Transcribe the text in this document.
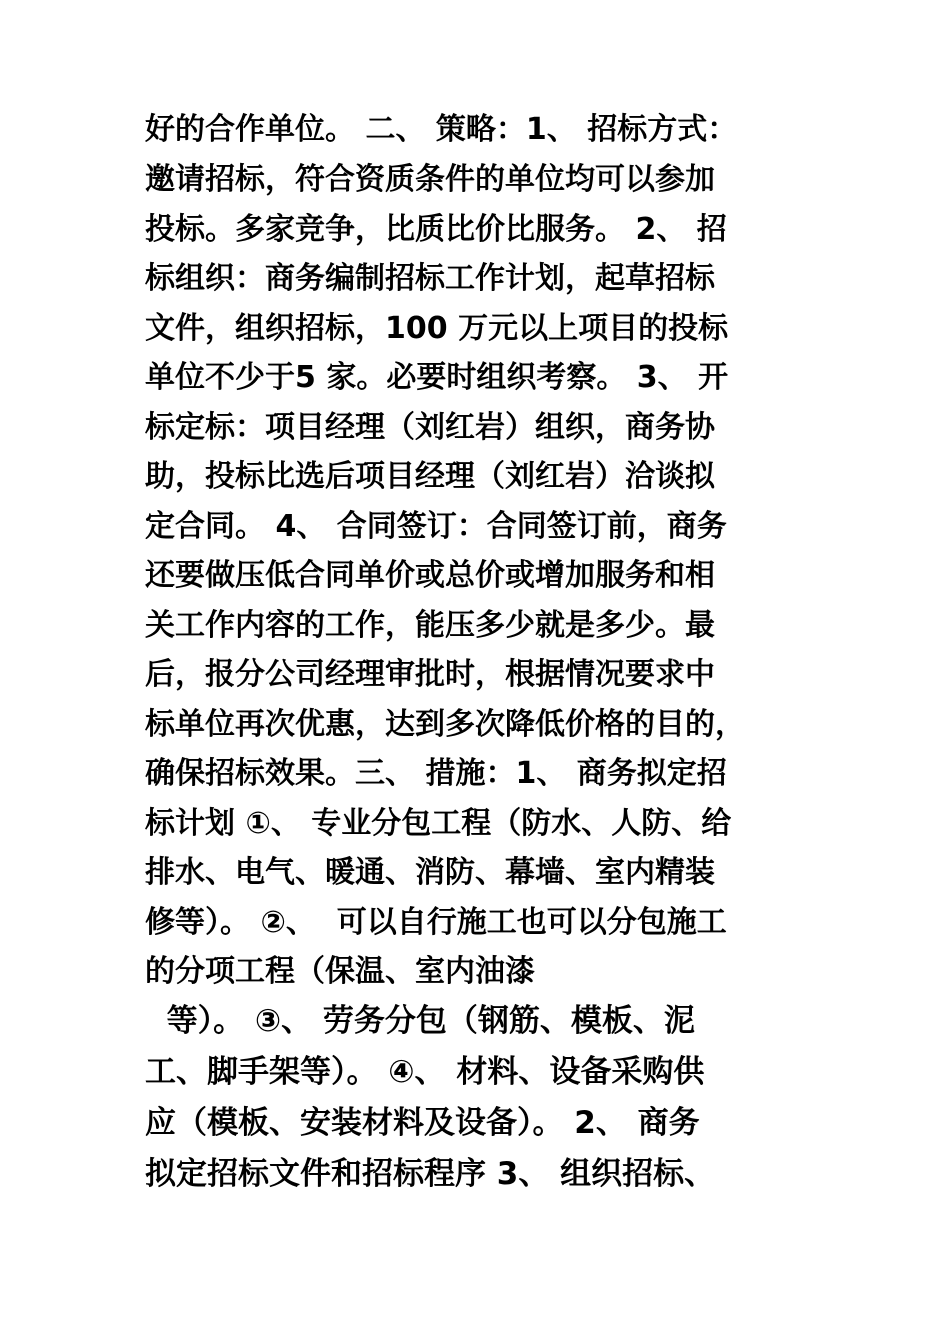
好的合作单位。 二、 策略：1、 招标方式：
邀请招标，符合资质条件的单位均可以参加
投标。多家竞争，比质比价比服务。 2、 招
标组织：商务编制招标工作计划，起草招标
文件，组织招标，100 万元以上项目的投标
单位不少于5 家。必要时组织考察。 3、 开
标定标：项目经理（刘红岩）组织，商务协
助，投标比选后项目经理（刘红岩）洽谈拟
定合同。 4、 合同签订：合同签订前，商务
还要做压低合同单价或总价或增加服务和相
关工作内容的工作，能压多少就是多少。最
后，报分公司经理审批时，根据情况要求中
标单位再次优惠，达到多次降低价格的目的，
确保招标效果。三、 措施：1、 商务拟定招
标计划 ①、 专业分包工程（防水、人防、给
排水、电气、暖通、消防、幕墙、室内精装
修等）。 ②、  可以自行施工也可以分包施工
的分项工程（保温、室内油漆
等）。 ③、 劳务分包（钢筋、模板、泥
工、脚手架等）。 ④、 材料、设备采购供
应（模板、安装材料及设备）。 2、 商务
拟定招标文件和招标程序 3、 组织招标、
